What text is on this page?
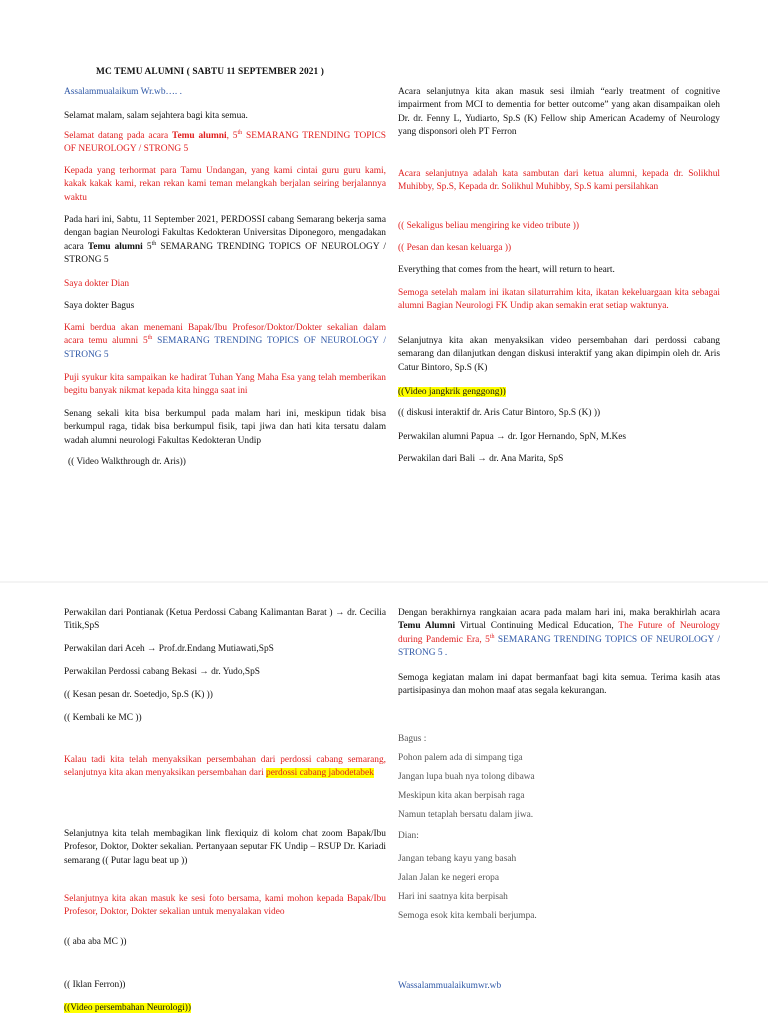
MC TEMU ALUMNI ( SABTU 11 SEPTEMBER 2021 )

Assalammualaikum Wr.wb…. .

Selamat malam, salam sejahtera bagi kita semua.

Selamat datang pada acara Temu alumni, 5th SEMARANG TRENDING TOPICS OF NEUROLOGY / STRONG 5

Kepada yang terhormat para Tamu Undangan, yang kami cintai guru guru kami, kakak kakak kami, rekan rekan kami teman melangkah berjalan seiring berjalannya waktu

Pada hari ini, Sabtu, 11 September 2021, PERDOSSI cabang Semarang bekerja sama dengan bagian Neurologi Fakultas Kedokteran Universitas Diponegoro, mengadakan acara Temu alumni 5th SEMARANG TRENDING TOPICS OF NEUROLOGY / STRONG 5

Saya dokter Dian

Saya dokter Bagus

Kami berdua akan menemani Bapak/Ibu Profesor/Doktor/Dokter sekalian dalam acara temu alumni 5th SEMARANG TRENDING TOPICS OF NEUROLOGY / STRONG 5

Puji syukur kita sampaikan ke hadirat Tuhan Yang Maha Esa yang telah memberikan begitu banyak nikmat kepada kita hingga saat ini

Senang sekali kita bisa berkumpul pada malam hari ini, meskipun tidak bisa berkumpul raga, tidak bisa berkumpul fisik, tapi jiwa dan hati kita tersatu dalam wadah alumni neurologi Fakultas Kedokteran Undip

(( Video Walkthrough dr. Aris))

Acara selanjutnya kita akan masuk sesi ilmiah “early treatment of cognitive impairment from MCI to dementia for better outcome” yang akan disampaikan oleh Dr. dr. Fenny L, Yudiarto, Sp.S (K) Fellow ship American Academy of Neurology yang disponsori oleh PT Ferron

Acara selanjutnya adalah kata sambutan dari ketua alumni, kepada dr. Solikhul Muhibby, Sp.S, Kepada dr. Solikhul Muhibby, Sp.S kami persilahkan

(( Sekaligus beliau mengiring ke video tribute ))

(( Pesan dan kesan keluarga ))

Everything that comes from the heart, will return to heart.

Semoga setelah malam ini ikatan silaturrahim kita, ikatan kekeluargaan kita sebagai alumni Bagian Neurologi FK Undip akan semakin erat setiap waktunya.

Selanjutnya kita akan menyaksikan video persembahan dari perdossi cabang semarang dan dilanjutkan dengan diskusi interaktif yang akan dipimpin oleh dr. Aris Catur Bintoro, Sp.S (K)

((Video jangkrik genggong))

(( diskusi interaktif dr. Aris Catur Bintoro, Sp.S (K) ))

Perwakilan alumni Papua → dr. Igor Hernando, SpN, M.Kes

Perwakilan dari Bali → dr. Ana Marita, SpS

Perwakilan dari Pontianak (Ketua Perdossi Cabang Kalimantan Barat ) → dr. Cecilia Titik,SpS

Perwakilan dari Aceh → Prof.dr.Endang Mutiawati,SpS

Perwakilan Perdossi cabang Bekasi → dr. Yudo,SpS

(( Kesan pesan dr. Soetedjo, Sp.S (K) ))

(( Kembali ke MC ))

Kalau tadi kita telah menyaksikan persembahan dari perdossi cabang semarang, selanjutnya kita akan menyaksikan persembahan dari perdossi cabang jabodetabek

Selanjutnya kita telah membagikan link flexiquiz di kolom chat zoom Bapak/Ibu Profesor, Doktor, Dokter sekalian. Pertanyaan seputar FK Undip – RSUP Dr. Kariadi semarang (( Putar lagu beat up ))

Selanjutnya kita akan masuk ke sesi foto bersama, kami mohon kepada Bapak/Ibu Profesor, Doktor, Dokter sekalian untuk menyalakan video

(( aba aba MC ))

(( Iklan Ferron))

((Video persembahan Neurologi))

Dengan berakhirnya rangkaian acara pada malam hari ini, maka berakhirlah acara Temu Alumni Virtual Continuing Medical Education, The Future of Neurology during Pandemic Era, 5th SEMARANG TRENDING TOPICS OF NEUROLOGY / STRONG 5 .

Semoga kegiatan malam ini dapat bermanfaat bagi kita semua. Terima kasih atas partisipasinya dan mohon maaf atas segala kekurangan.

Bagus :

Pohon palem ada di simpang tiga

Jangan lupa buah nya tolong dibawa

Meskipun kita akan berpisah raga

Namun tetaplah bersatu dalam jiwa.

Dian:

Jangan tebang kayu yang basah

Jalan Jalan ke negeri eropa

Hari ini saatnya kita berpisah

Semoga esok kita kembali berjumpa.

Wassalammualaikumwr.wb
